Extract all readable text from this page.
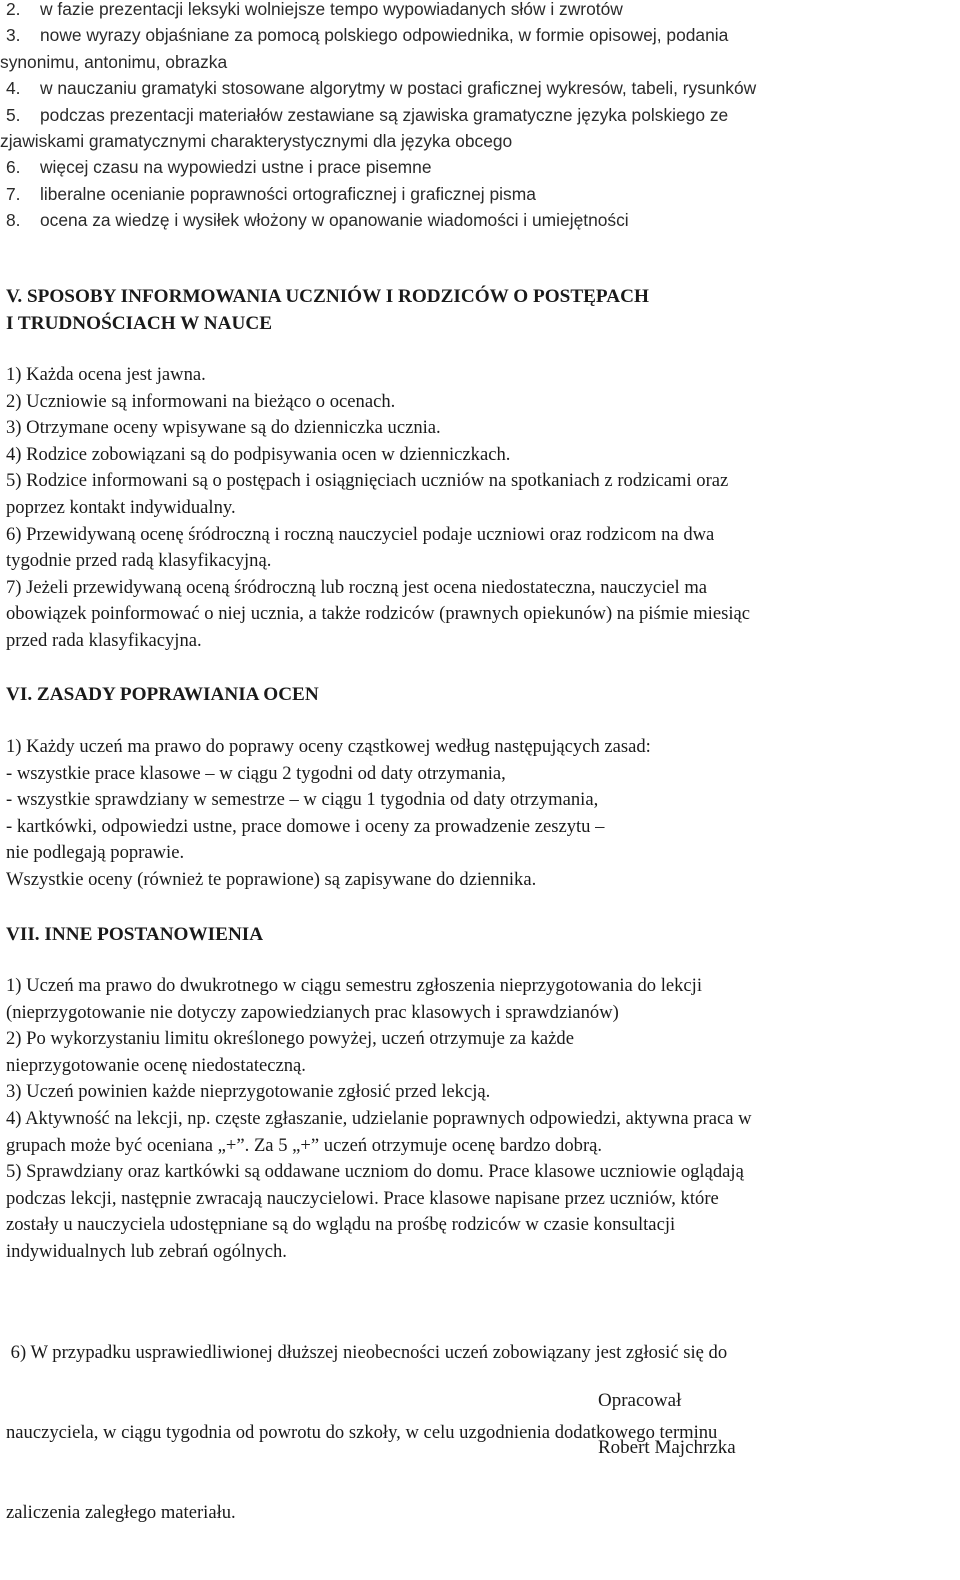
2.	w fazie prezentacji leksyki wolniejsze tempo wypowiadanych słów i zwrotów
3.	nowe wyrazy objaśniane za pomocą polskiego odpowiednika, w formie opisowej, podania
synonimu, antonimu, obrazka
4.	w nauczaniu gramatyki stosowane algorytmy w postaci graficznej wykresów, tabeli, rysunków
5.	podczas prezentacji materiałów zestawiane są zjawiska gramatyczne języka polskiego ze
zjawiskami gramatycznymi charakterystycznymi dla języka obcego
6.	więcej czasu na wypowiedzi ustne i prace pisemne
7.	liberalne ocenianie poprawności ortograficznej i graficznej pisma
8.	ocena za wiedzę i wysiłek włożony w opanowanie wiadomości i umiejętności

V. SPOSOBY INFORMOWANIA UCZNIÓW I RODZICÓW O POSTĘPACH

I TRUDNOŚCIACH W NAUCE

1) Każda ocena jest jawna.

2) Uczniowie są informowani na bieżąco o ocenach.

3) Otrzymane oceny wpisywane są do dzienniczka ucznia.

4) Rodzice zobowiązani są do podpisywania ocen w dzienniczkach.

5) Rodzice informowani są o postępach i osiągnięciach uczniów na spotkaniach z rodzicami oraz

poprzez kontakt indywidualny.

6) Przewidywaną ocenę śródroczną i roczną nauczyciel podaje uczniowi oraz rodzicom na dwa

tygodnie przed radą klasyfikacyjną.

7) Jeżeli przewidywaną oceną śródroczną lub roczną jest ocena niedostateczna, nauczyciel ma

obowiązek poinformować o niej ucznia, a także rodziców (prawnych opiekunów) na piśmie miesiąc

przed rada klasyfikacyjna.

VI. ZASADY POPRAWIANIA OCEN

1) Każdy uczeń ma prawo do poprawy oceny cząstkowej według następujących zasad:

- wszystkie prace klasowe – w ciągu 2 tygodni od daty otrzymania,

- wszystkie sprawdziany w semestrze – w ciągu 1 tygodnia od daty otrzymania,

- kartkówki, odpowiedzi ustne, prace domowe i oceny za prowadzenie zeszytu –

nie podlegają poprawie.

Wszystkie oceny (również te poprawione) są zapisywane do dziennika.

VII. INNE POSTANOWIENIA

1) Uczeń ma prawo do dwukrotnego w ciągu semestru zgłoszenia nieprzygotowania do lekcji

(nieprzygotowanie nie dotyczy zapowiedzianych prac klasowych i sprawdzianów)

2) Po wykorzystaniu limitu określonego powyżej, uczeń otrzymuje za każde

nieprzygotowanie ocenę niedostateczną.

3) Uczeń powinien każde nieprzygotowanie zgłosić przed lekcją.

4) Aktywność na lekcji, np. częste zgłaszanie, udzielanie poprawnych odpowiedzi, aktywna praca w

grupach może być oceniana „+”. Za 5 „+” uczeń otrzymuje ocenę bardzo dobrą.

5) Sprawdziany oraz kartkówki są oddawane uczniom do domu. Prace klasowe uczniowie oglądają

podczas lekcji, następnie zwracają nauczycielowi. Prace klasowe napisane przez uczniów, które

zostały u nauczyciela udostępniane są do wglądu na prośbę rodziców w czasie konsultacji

indywidualnych lub zebrań ogólnych.

6) W przypadku usprawiedliwionej dłuższej nieobecności uczeń zobowiązany jest zgłosić się do

nauczyciela, w ciągu tygodnia od powrotu do szkoły, w celu uzgodnienia dodatkowego terminu

zaliczenia zaległego materiału.

Opracował
Robert Majchrzka
